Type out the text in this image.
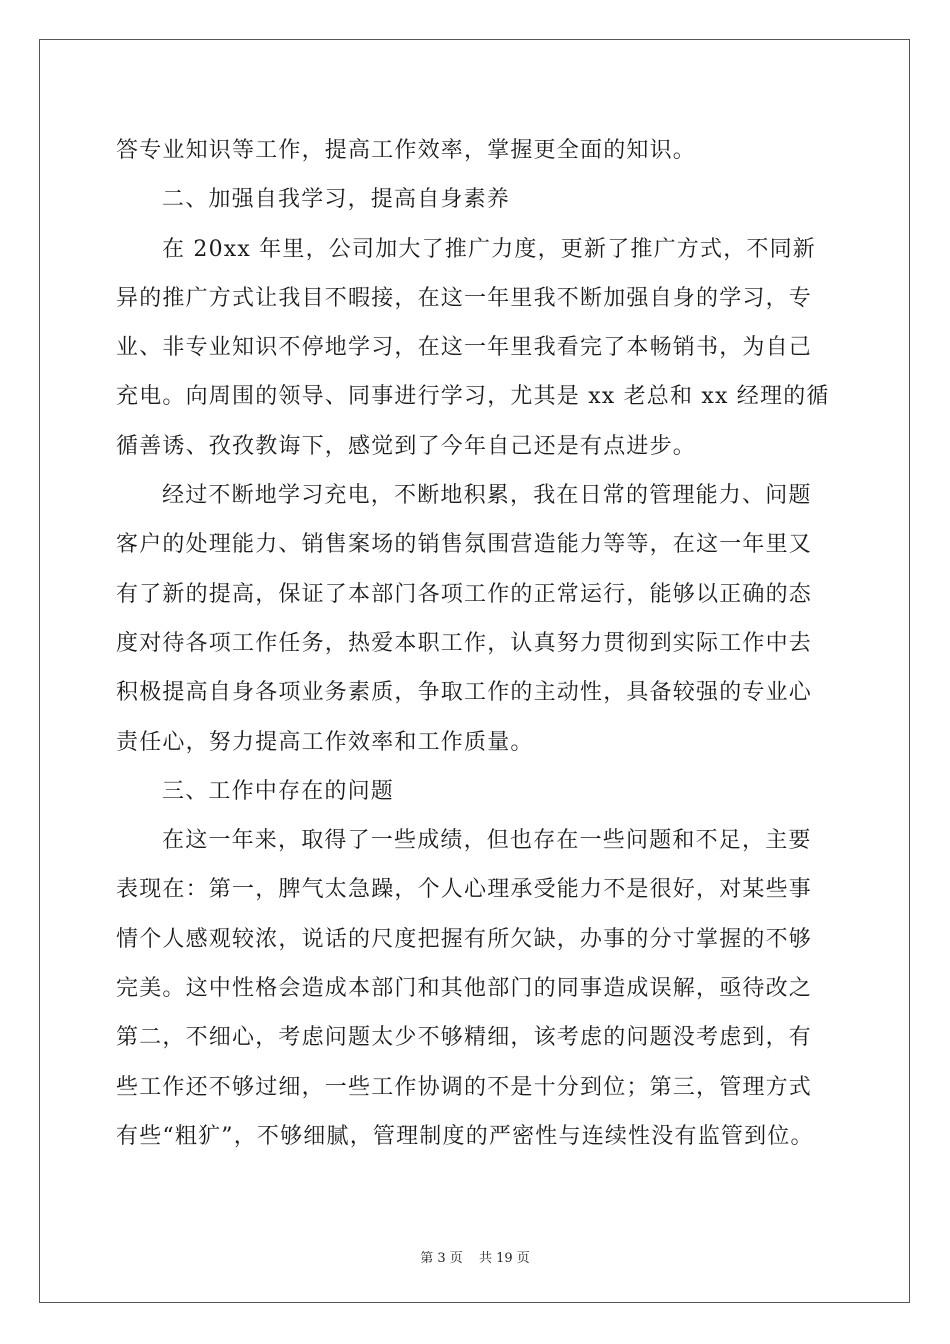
答专业知识等工作，提高工作效率，掌握更全面的知识。
二、加强自我学习，提高自身素养
在 20xx 年里，公司加大了推广力度，更新了推广方式，不同新
异的推广方式让我目不暇接，在这一年里我不断加强自身的学习，专
业、非专业知识不停地学习，在这一年里我看完了本畅销书，为自己
充电。向周围的领导、同事进行学习，尤其是 xx 老总和 xx 经理的循
循善诱、孜孜教诲下，感觉到了今年自己还是有点进步。
经过不断地学习充电，不断地积累，我在日常的管理能力、问题
客户的处理能力、销售案场的销售氛围营造能力等等，在这一年里又
有了新的提高，保证了本部门各项工作的正常运行，能够以正确的态
度对待各项工作任务，热爱本职工作，认真努力贯彻到实际工作中去
积极提高自身各项业务素质，争取工作的主动性，具备较强的专业心
责任心，努力提高工作效率和工作质量。
三、工作中存在的问题
在这一年来，取得了一些成绩，但也存在一些问题和不足，主要
表现在：第一，脾气太急躁，个人心理承受能力不是很好，对某些事
情个人感观较浓，说话的尺度把握有所欠缺，办事的分寸掌握的不够
完美。这中性格会造成本部门和其他部门的同事造成误解，亟待改之
第二，不细心，考虑问题太少不够精细，该考虑的问题没考虑到，有
些工作还不够过细，一些工作协调的不是十分到位；第三，管理方式
有些“粗犷”，不够细腻，管理制度的严密性与连续性没有监管到位。
第 3 页 共 19 页
